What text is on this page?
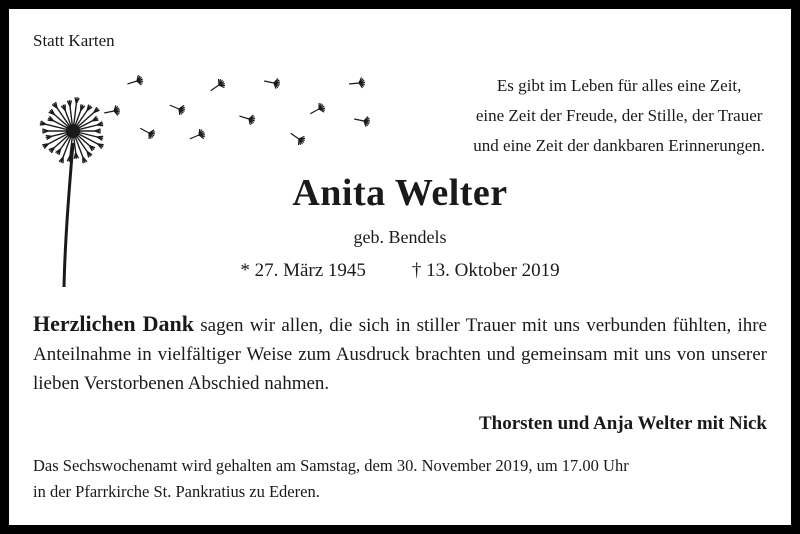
Statt Karten
Es gibt im Leben für alles eine Zeit,
eine Zeit der Freude, der Stille, der Trauer
und eine Zeit der dankbaren Erinnerungen.
Anita Welter
geb. Bendels
* 27. März 1945 † 13. Oktober 2019

Herzlichen Dank sagen wir allen, die sich in stiller Trauer mit uns verbunden fühlten, ihre Anteilnahme in vielfältiger Weise zum Ausdruck brachten und gemeinsam mit uns von unserer lieben Verstorbenen Abschied nahmen.

Thorsten und Anja Welter mit Nick
Das Sechswochenamt wird gehalten am Samstag, dem 30. November 2019, um 17.00 Uhr
in der Pfarrkirche St. Pankratius zu Ederen.
